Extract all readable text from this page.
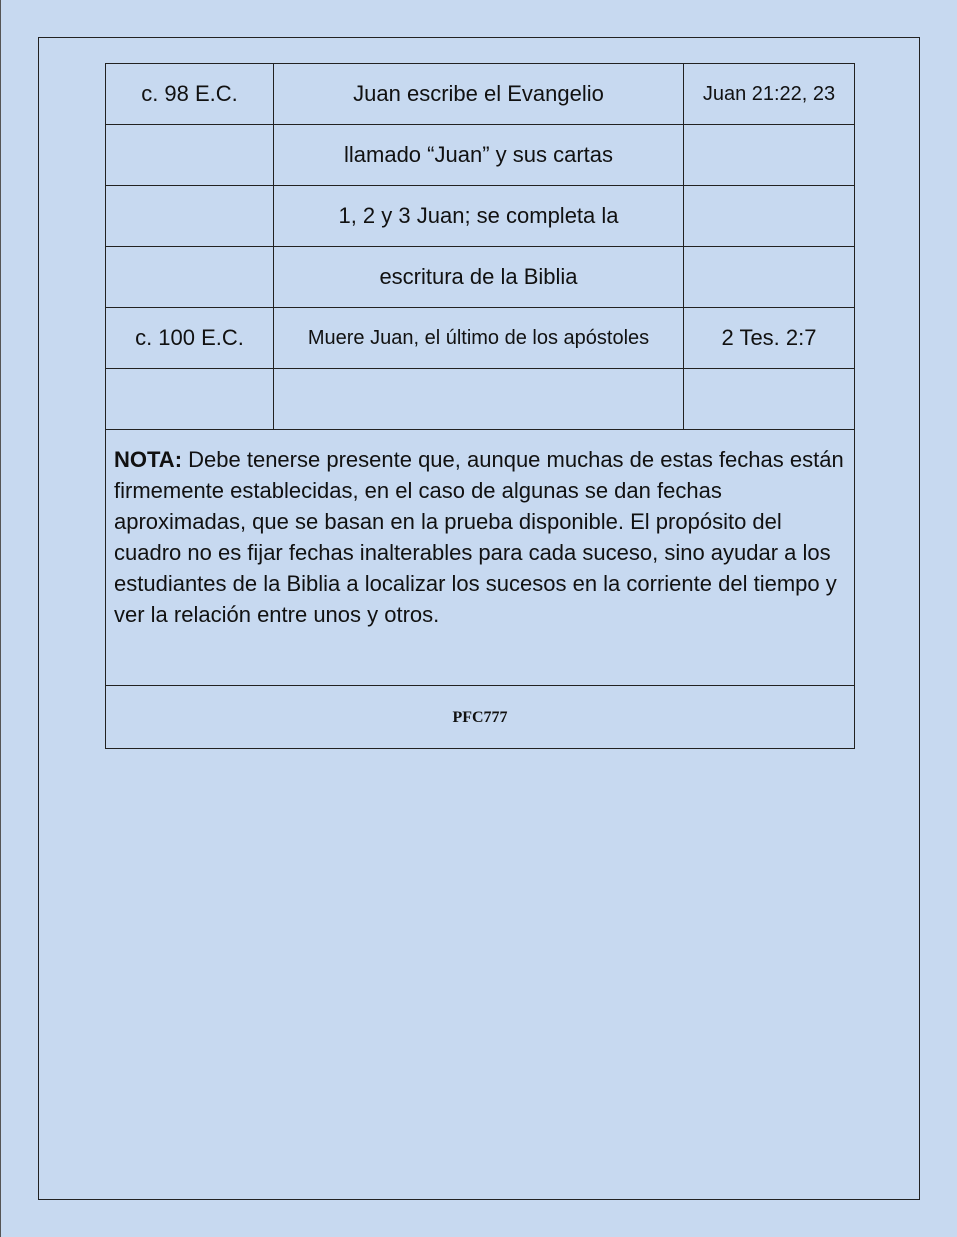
c. 98 E.C.	Juan escribe el Evangelio	Juan 21:22, 23
	llamado “Juan” y sus cartas	
	1, 2 y 3 Juan; se completa la	
	escritura de la Biblia	
c. 100 E.C.	Muere Juan, el último de los apóstoles	2 Tes. 2:7

NOTA: Debe tenerse presente que, aunque muchas de estas fechas están firmemente establecidas, en el caso de algunas se dan fechas aproximadas, que se basan en la prueba disponible. El propósito del cuadro no es fijar fechas inalterables para cada suceso, sino ayudar a los estudiantes de la Biblia a localizar los sucesos en la corriente del tiempo y ver la relación entre unos y otros.		
PFC777		
